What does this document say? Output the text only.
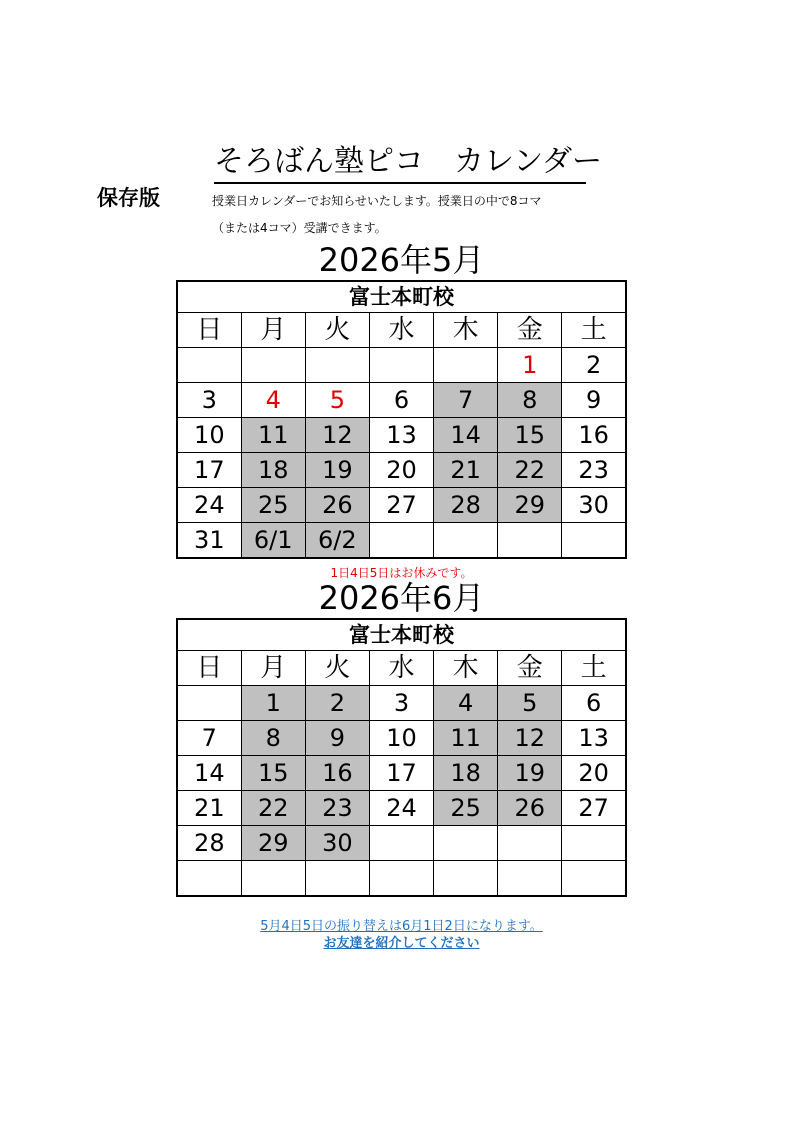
そろばん塾ピコ　カレンダー
保存版	授業日カレンダーでお知らせいたします。授業日の中で8コマ
（または4コマ）受講できます。
2026年5月
富士本町校						
日	月	火	水	木	金	土
					1	2
3	4	5	6	7	8	9
10	11	12	13	14	15	16
17	18	19	20	21	22	23
24	25	26	27	28	29	30
31	6/1	6/2				
1日4日5日はお休みです。
2026年6月
富士本町校						
日	月	火	水	木	金	土
	1	2	3	4	5	6
7	8	9	10	11	12	13
14	15	16	17	18	19	20
21	22	23	24	25	26	27
28	29	30				

5月4日5日の振り替えは6月1日2日になります。
お友達を紹介してください
